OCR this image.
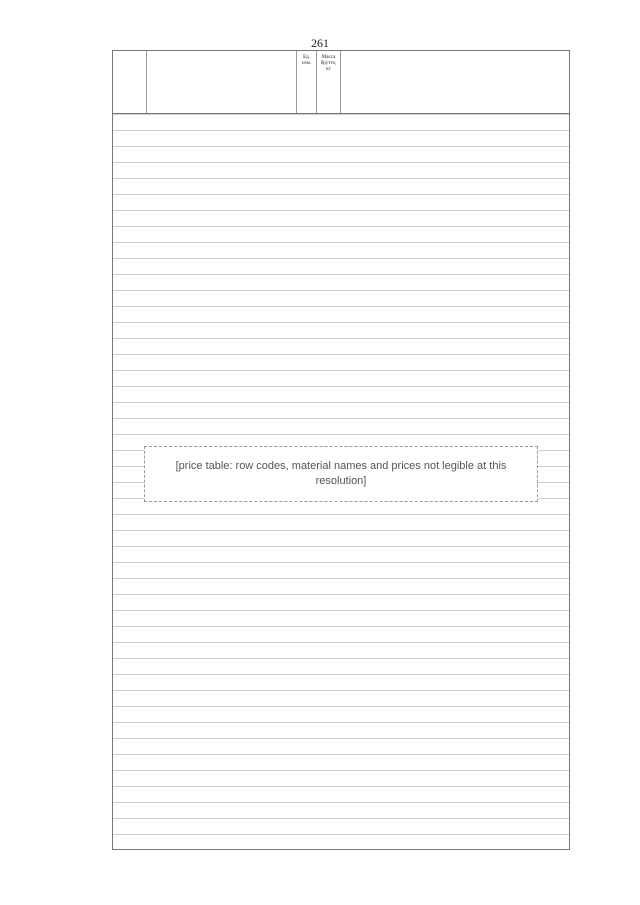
261
Ед. изм.
Масса брутто, кг
[price table: row codes, material names and prices not legible at this resolution]
